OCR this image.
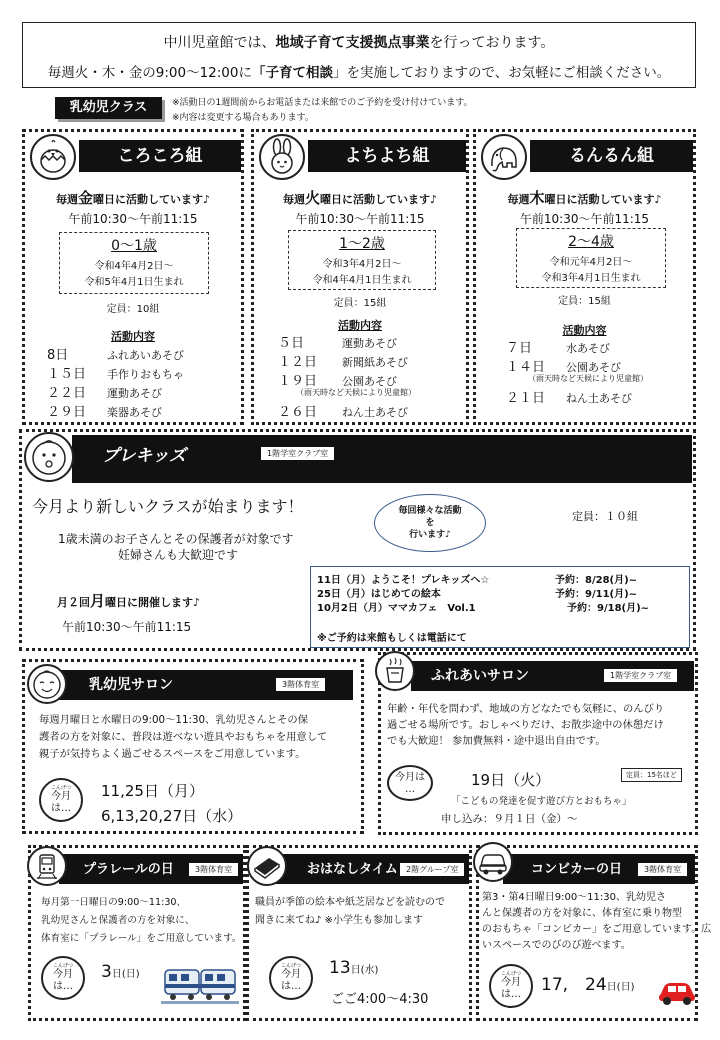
中川児童館では、地域子育て支援拠点事業を行っております。
毎週火・木・金の9:00～12:00に「子育て相談」を実施しておりますので、お気軽にご相談ください。
乳幼児クラス	※活動日の1週間前からお電話または来館でのご予約を受け付けています。
※内容は変更する場合もあります。
ころころ組
毎週金曜日に活動しています♪
午前10:30～午前11:15
0～1歳
令和4年4月2日～
令和5年4月1日生まれ
定員：10組
活動内容
8日	ふれあいあそび
１５日 手作りおもちゃ
２２日 運動あそび
２９日 楽器あそび
よちよち組
毎週火曜日に活動しています♪
午前10:30～午前11:15
1～2歳
令和3年4月2日～
令和4年4月1日生まれ
定員：15組
活動内容
５日	運動あそび
１２日 新聞紙あそび
１９日 公園あそび
（雨天時など天候により児童館）
２６日 ねん土あそび
るんるん組
毎週木曜日に活動しています♪
午前10:30～午前11:15
2～4歳
令和元年4月2日～
令和3年4月1日生まれ
定員：15組
活動内容
７日	水あそび
１４日 公園あそび
（雨天時など天候により児童館）
２１日 ねん土あそび
プレキッズ	1階学室クラブ室
今月より新しいクラスが始まります！
1歳未満のお子さんとその保護者が対象です
妊婦さんも大歓迎です
毎回様々な活動
を
行います♪
定員：１０組
月２回月曜日に開催します♪
午前10:30～午前11:15
11日（月）ようこそ！プレキッズへ☆	予約：8/28(月)~
25日（月）はじめての絵本	予約：9/11(月)~
10月2日（月）ママカフェ　Vol.1	予約：9/18(月)~
※ご予約は来館もしくは電話にて
乳幼児サロン	3階体育室
毎週月曜日と水曜日の9:00～11:30、乳幼児さんとその保
護者の方を対象に、普段は遊べない遊具やおもちゃを用意して
親子が気持ちよく過ごせるスペースをご用意しています。
こんげつ
今月
は…
11,25日（月）
6,13,20,27日（水）
ふれあいサロン	1階学室クラブ室
年齢・年代を問わず、地域の方どなたでも気軽に、のんびり
過ごせる場所です。おしゃべりだけ、お散歩途中の休憩だけ
でも大歓迎！ 参加費無料・途中退出自由です。
今月は
…
19日（火）	定員：15名ほど
「こどもの発達を促す遊び方とおもちゃ」
申し込み：９月１日（金）～
プラレールの日	3階体育室
毎月第一日曜日の9:00～11:30、
乳幼児さんと保護者の方を対象に、
体育室に「プラレール」をご用意しています。
こんげつ
今月
は…
3日(日)
おはなしタイム	2階グループ室
職員が季節の絵本や紙芝居などを読むので
聞きに来てね♪ ※小学生も参加します
こんげつ
今月
は…
13日(水)
ごご4:00～4:30
コンビカーの日	3階体育室
第3・第4日曜日9:00～11:30、乳幼児さ
んと保護者の方を対象に、体育室に乗り物型
のおもちゃ「コンビカー」をご用意しています。広
いスペースでのびのび遊べます。
こんげつ
今月
は…	17,　24日(日)
